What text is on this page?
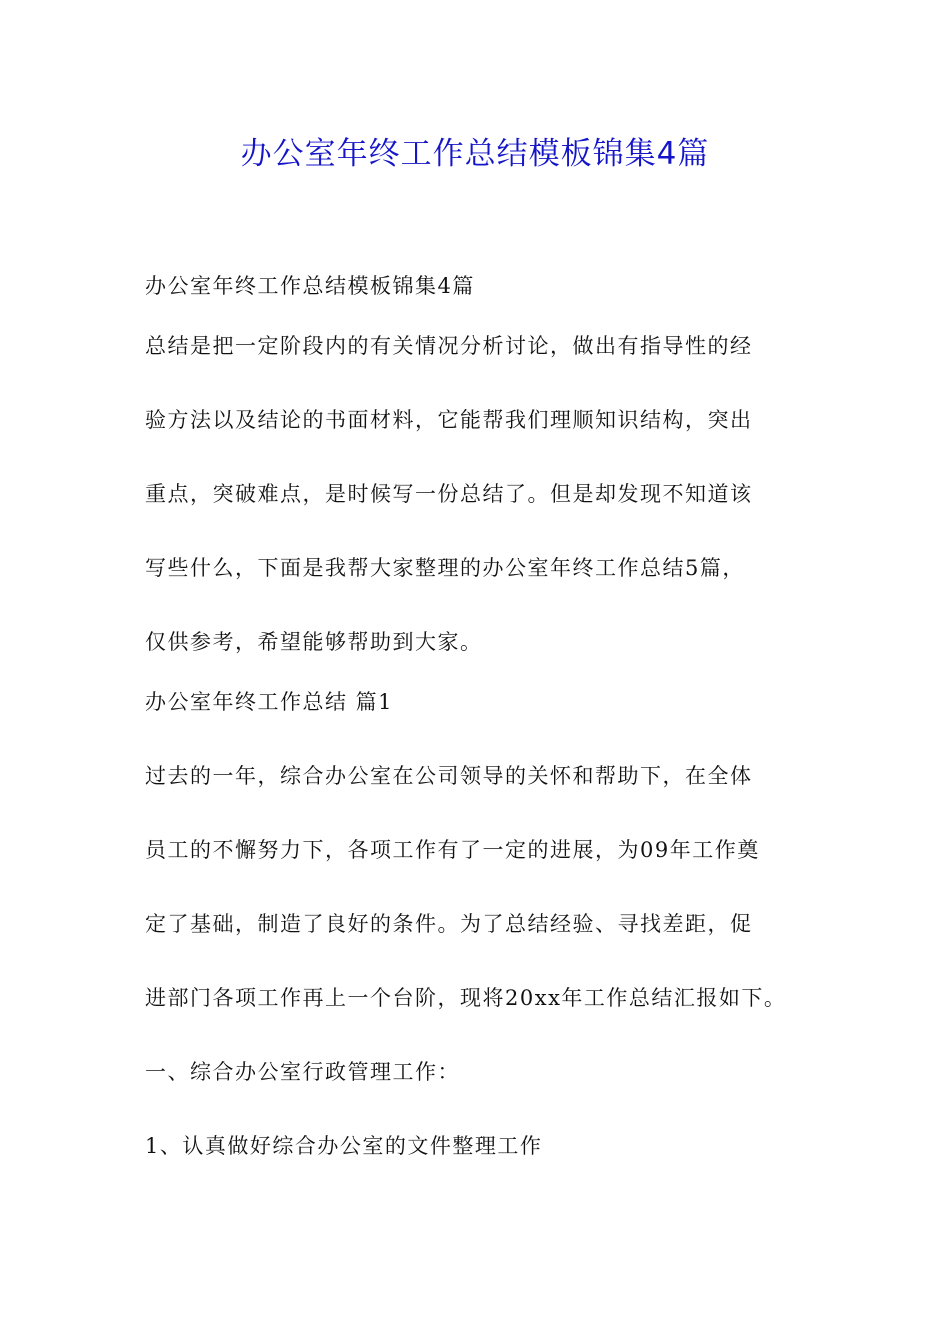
办公室年终工作总结模板锦集4篇
办公室年终工作总结模板锦集4篇
总结是把一定阶段内的有关情况分析讨论，做出有指导性的经
验方法以及结论的书面材料，它能帮我们理顺知识结构，突出
重点，突破难点，是时候写一份总结了。但是却发现不知道该
写些什么，下面是我帮大家整理的办公室年终工作总结5篇，
仅供参考，希望能够帮助到大家。
办公室年终工作总结 篇1
过去的一年，综合办公室在公司领导的关怀和帮助下，在全体
员工的不懈努力下，各项工作有了一定的进展，为09年工作奠
定了基础，制造了良好的条件。为了总结经验、寻找差距，促
进部门各项工作再上一个台阶，现将20xx年工作总结汇报如下。
一、综合办公室行政管理工作：
1、认真做好综合办公室的文件整理工作
